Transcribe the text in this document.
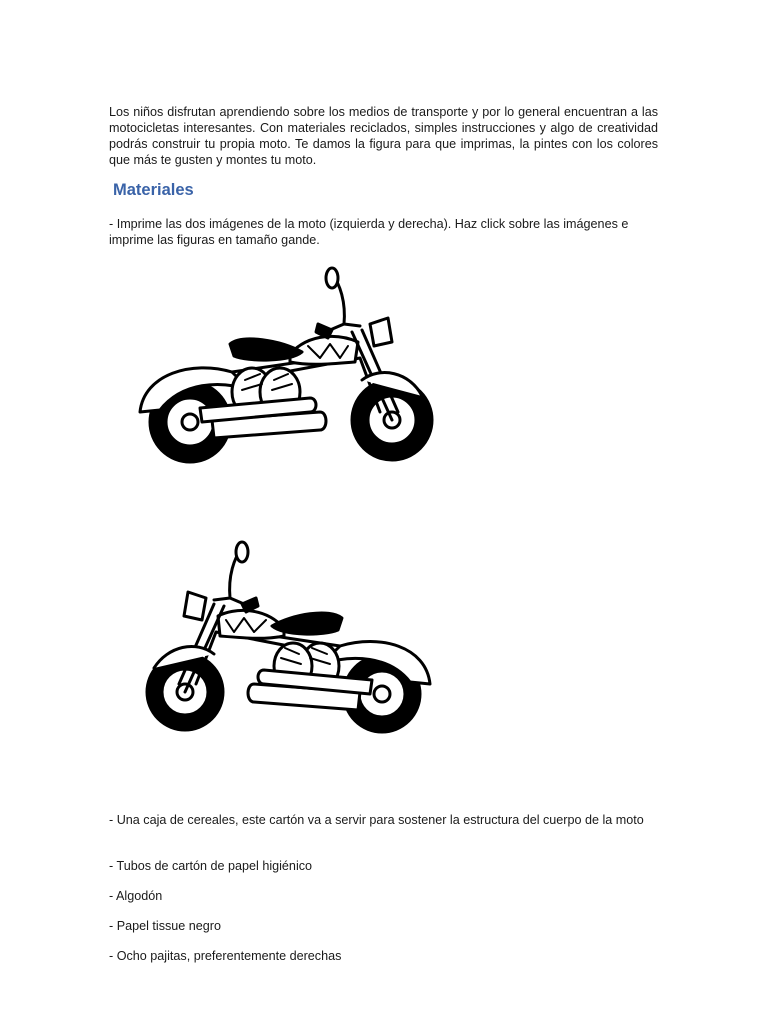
Los niños disfrutan aprendiendo sobre los medios de transporte y por lo general encuentran a las motocicletas interesantes. Con materiales reciclados, simples instrucciones y algo de creatividad podrás construir tu propia moto. Te damos la figura para que imprimas, la pintes con los colores que más te gusten y montes tu moto.

Materiales

- Imprime las dos imágenes de la moto (izquierda y derecha). Haz click sobre las imágenes e imprime las figuras en tamaño gande.

- Una caja de cereales, este cartón va a servir para sostener la estructura del cuerpo de la moto

- Tubos de cartón de papel higiénico

- Algodón

- Papel tissue negro

- Ocho pajitas, preferentemente derechas
